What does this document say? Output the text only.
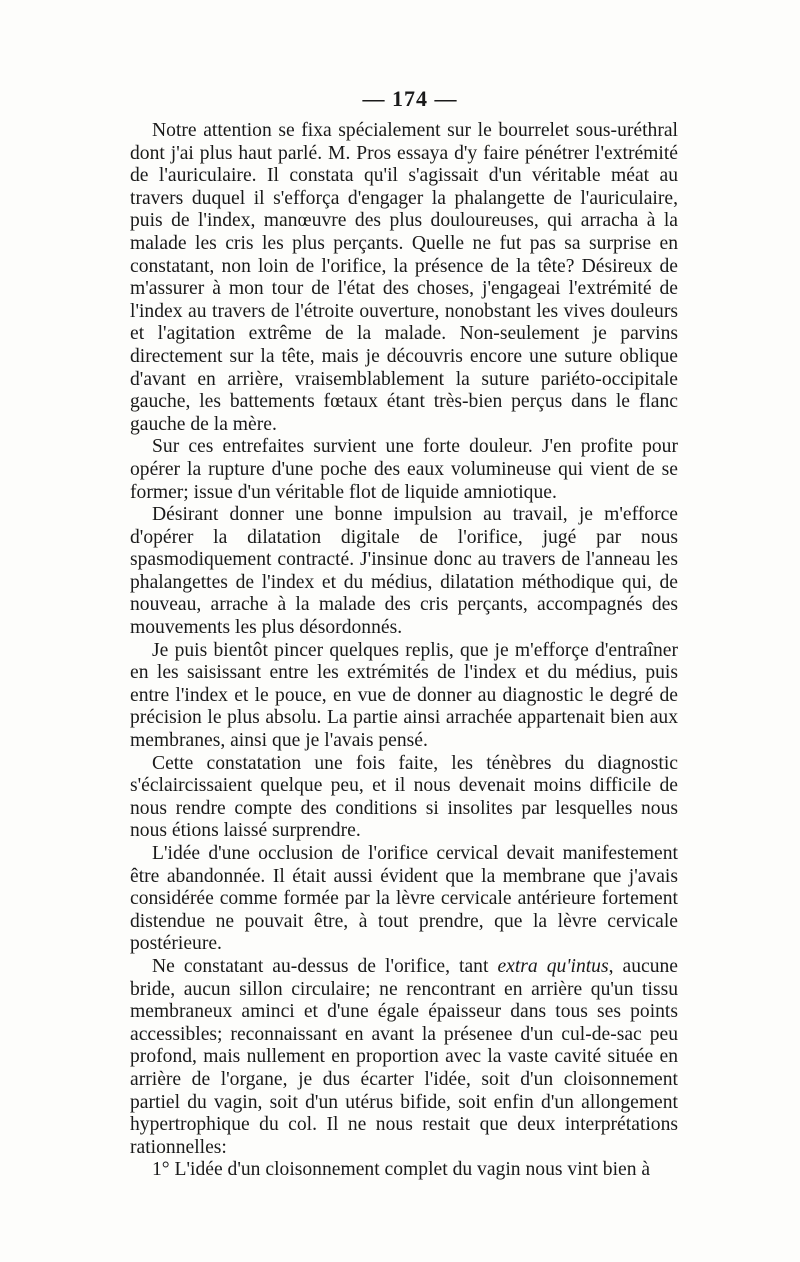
— 174 —

Notre attention se fixa spécialement sur le bourrelet sous-uréthral dont j'ai plus haut parlé. M. Pros essaya d'y faire pénétrer l'extrémité de l'auriculaire. Il constata qu'il s'agissait d'un véritable méat au travers duquel il s'efforça d'engager la phalangette de l'auriculaire, puis de l'index, manœuvre des plus douloureuses, qui arracha à la malade les cris les plus perçants. Quelle ne fut pas sa surprise en constatant, non loin de l'orifice, la présence de la tête? Désireux de m'assurer à mon tour de l'état des choses, j'engageai l'extrémité de l'index au travers de l'étroite ouverture, nonobstant les vives douleurs et l'agitation extrême de la malade. Non-seulement je parvins directement sur la tête, mais je découvris encore une suture oblique d'avant en arrière, vraisemblablement la suture pariéto-occipitale gauche, les battements fœtaux étant très-bien perçus dans le flanc gauche de la mère.

Sur ces entrefaites survient une forte douleur. J'en profite pour opérer la rupture d'une poche des eaux volumineuse qui vient de se former; issue d'un véritable flot de liquide amniotique.

Désirant donner une bonne impulsion au travail, je m'efforce d'opérer la dilatation digitale de l'orifice, jugé par nous spasmodiquement contracté. J'insinue donc au travers de l'anneau les phalangettes de l'index et du médius, dilatation méthodique qui, de nouveau, arrache à la malade des cris perçants, accompagnés des mouvements les plus désordonnés.

Je puis bientôt pincer quelques replis, que je m'efforçe d'entraîner en les saisissant entre les extrémités de l'index et du médius, puis entre l'index et le pouce, en vue de donner au diagnostic le degré de précision le plus absolu. La partie ainsi arrachée appartenait bien aux membranes, ainsi que je l'avais pensé.

Cette constatation une fois faite, les ténèbres du diagnostic s'éclaircissaient quelque peu, et il nous devenait moins difficile de nous rendre compte des conditions si insolites par lesquelles nous nous étions laissé surprendre.

L'idée d'une occlusion de l'orifice cervical devait manifestement être abandonnée. Il était aussi évident que la membrane que j'avais considérée comme formée par la lèvre cervicale antérieure fortement distendue ne pouvait être, à tout prendre, que la lèvre cervicale postérieure.

Ne constatant au-dessus de l'orifice, tant extra qu'intus, aucune bride, aucun sillon circulaire; ne rencontrant en arrière qu'un tissu membraneux aminci et d'une égale épaisseur dans tous ses points accessibles; reconnaissant en avant la présenee d'un cul-de-sac peu profond, mais nullement en proportion avec la vaste cavité située en arrière de l'organe, je dus écarter l'idée, soit d'un cloisonnement partiel du vagin, soit d'un utérus bifide, soit enfin d'un allongement hypertrophique du col. Il ne nous restait que deux interprétations rationnelles:

1° L'idée d'un cloisonnement complet du vagin nous vint bien à
